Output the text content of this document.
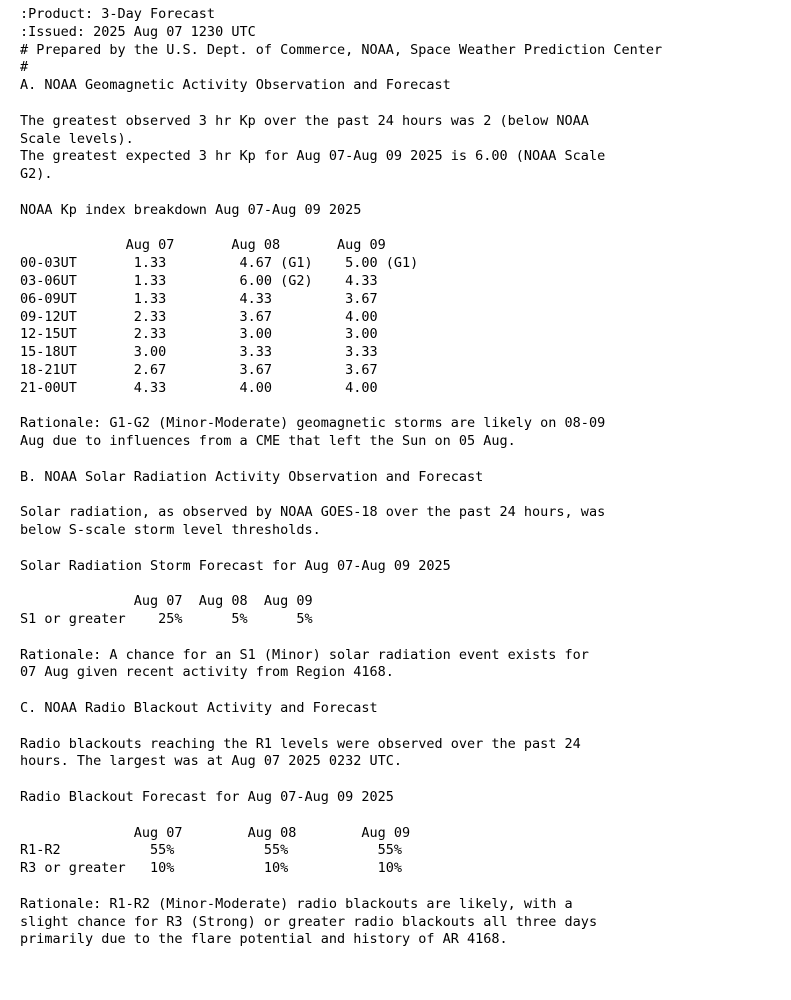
:Product: 3-Day Forecast
:Issued: 2025 Aug 07 1230 UTC
# Prepared by the U.S. Dept. of Commerce, NOAA, Space Weather Prediction Center
#
A. NOAA Geomagnetic Activity Observation and Forecast
The greatest observed 3 hr Kp over the past 24 hours was 2 (below NOAA
Scale levels).
The greatest expected 3 hr Kp for Aug 07-Aug 09 2025 is 6.00 (NOAA Scale
G2).
NOAA Kp index breakdown Aug 07-Aug 09 2025
Aug 07       Aug 08       Aug 09
00-03UT       1.33         4.67 (G1)    5.00 (G1)
03-06UT       1.33         6.00 (G2)    4.33
06-09UT       1.33         4.33         3.67
09-12UT       2.33         3.67         4.00
12-15UT       2.33         3.00         3.00
15-18UT       3.00         3.33         3.33
18-21UT       2.67         3.67         3.67
21-00UT       4.33         4.00         4.00
Rationale: G1-G2 (Minor-Moderate) geomagnetic storms are likely on 08-09
Aug due to influences from a CME that left the Sun on 05 Aug.
B. NOAA Solar Radiation Activity Observation and Forecast
Solar radiation, as observed by NOAA GOES-18 over the past 24 hours, was
below S-scale storm level thresholds.
Solar Radiation Storm Forecast for Aug 07-Aug 09 2025
Aug 07  Aug 08  Aug 09
S1 or greater    25%      5%      5%
Rationale: A chance for an S1 (Minor) solar radiation event exists for
07 Aug given recent activity from Region 4168.
C. NOAA Radio Blackout Activity and Forecast
Radio blackouts reaching the R1 levels were observed over the past 24
hours. The largest was at Aug 07 2025 0232 UTC.
Radio Blackout Forecast for Aug 07-Aug 09 2025
Aug 07        Aug 08        Aug 09
R1-R2           55%           55%           55%
R3 or greater   10%           10%           10%
Rationale: R1-R2 (Minor-Moderate) radio blackouts are likely, with a
slight chance for R3 (Strong) or greater radio blackouts all three days
primarily due to the flare potential and history of AR 4168.
